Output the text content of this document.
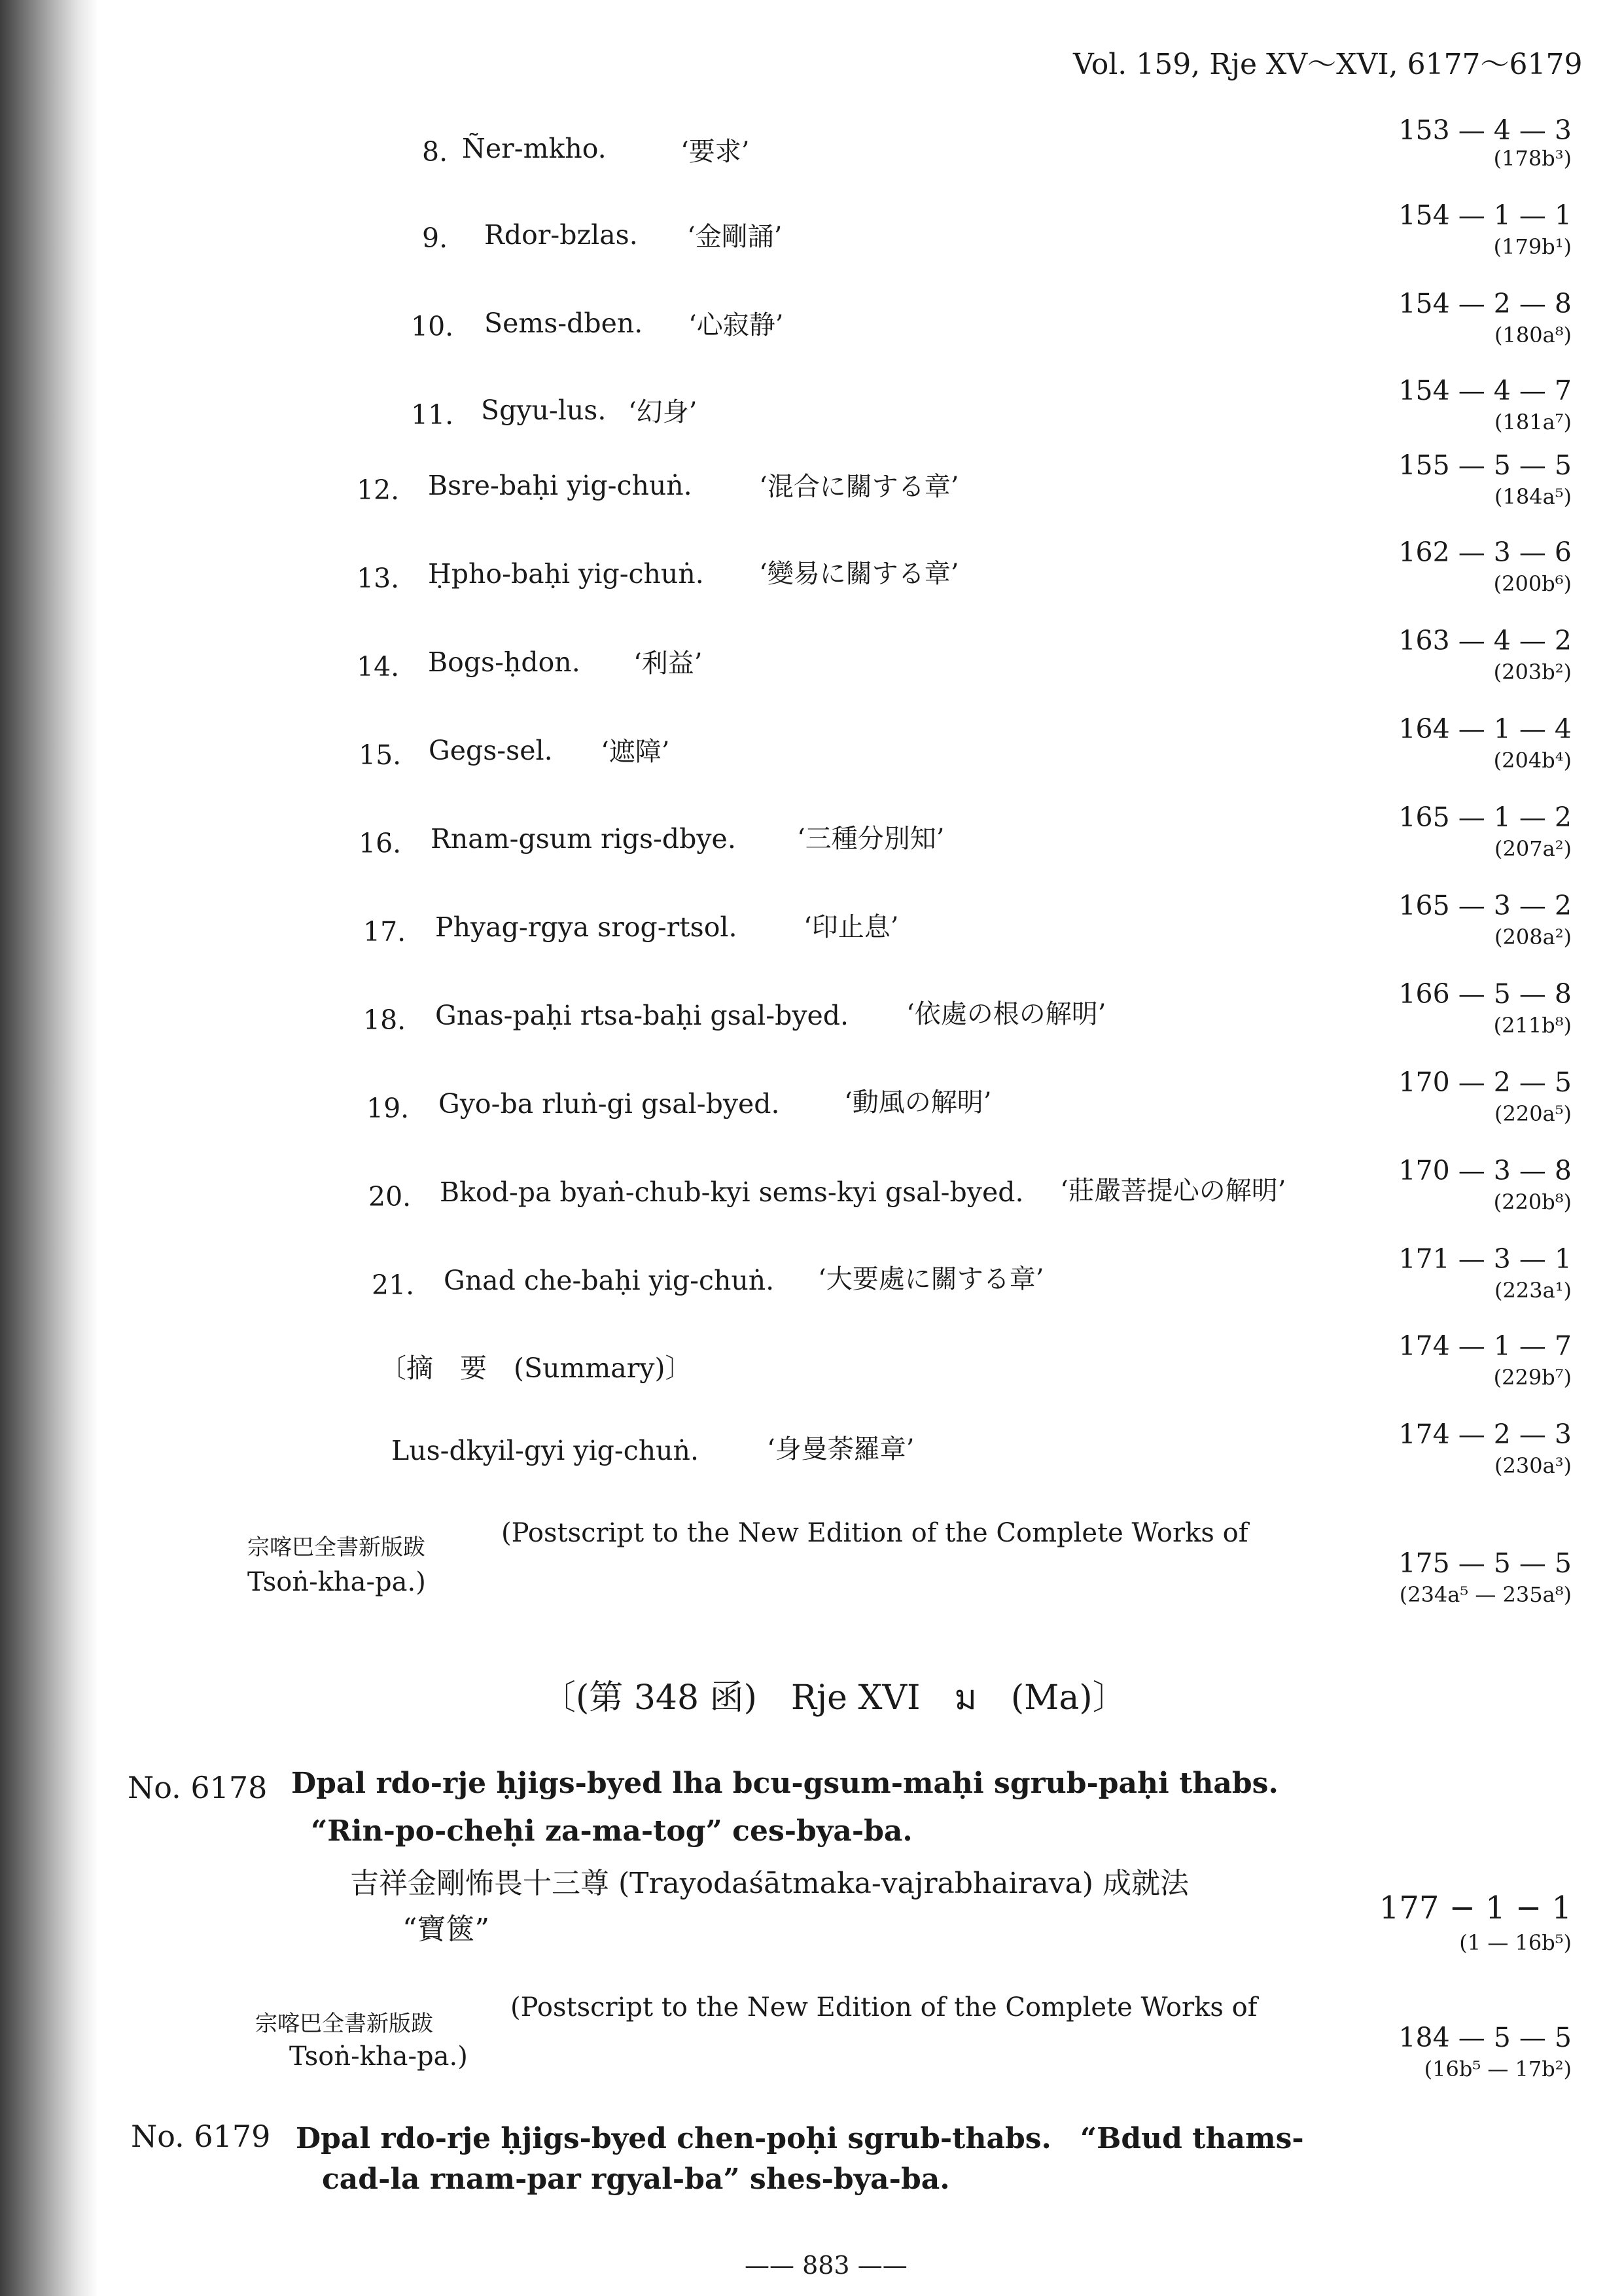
Vol. 159, Rje XV～XVI, 6177～6179
8. Ñer-mkho.	‘要求’
153 — 4 — 3
(178b³)
9. Rdor-bzlas. ‘金剛誦’
154 — 1 — 1
(179b¹)
10. Sems-dben. ‘心寂静’
154 — 2 — 8
(180a⁸)
11. Sgyu-lus. ‘幻身’
154 — 4 — 7
(181a⁷)
12. Bsre-baḥi yig-chuṅ.	‘混合に關する章’
155 — 5 — 5
(184a⁵)
13. Ḥpho-baḥi yig-chuṅ. ‘變易に關する章’
162 — 3 — 6
(200b⁶)
14. Bogs-ḥdon. ‘利益’
163 — 4 — 2
(203b²)
15. Gegs-sel. ‘遮障’
164 — 1 — 4
(204b⁴)
16. Rnam-gsum rigs-dbye. ‘三種分別知’
165 — 1 — 2
(207a²)
17. Phyag-rgya srog-rtsol.	‘印止息’
165 — 3 — 2
(208a²)
18. Gnas-paḥi rtsa-baḥi gsal-byed. ‘依處の根の解明’
166 — 5 — 8
(211b⁸)
19. Gyo-ba rluṅ-gi gsal-byed. ‘動風の解明’
170 — 2 — 5
(220a⁵)
20. Bkod-pa byaṅ-chub-kyi sems-kyi gsal-byed. ‘莊嚴菩提心の解明’
170 — 3 — 8
(220b⁸)
21. Gnad che-baḥi yig-chuṅ. ‘大要處に關する章’
171 — 3 — 1
(223a¹)
〔摘　要　(Summary)〕
174 — 1 — 7
(229b⁷)
Lus-dkyil-gyi yig-chuṅ.	‘身曼荼羅章’	174 — 2 — 3
(230a³)
宗喀巴全書新版跋	(Postscript to the New Edition of the Complete Works of
Tsoṅ-kha-pa.)
175 — 5 — 5
(234a⁵ — 235a⁸)
〔(第 348 函)　Rje XVI　ม　(Ma)〕
No. 6178 Dpal rdo-rje ḥjigs-byed lha bcu-gsum-maḥi sgrub-paḥi thabs.
“Rin-po-cheḥi za-ma-tog” ces-bya-ba.
吉祥金剛怖畏十三尊 (Trayodaśātmaka-vajrabhairava) 成就法
“寶篋”
177 − 1 − 1
(1 — 16b⁵)
宗喀巴全書新版跋
(Postscript to the New Edition of the Complete Works of
Tsoṅ-kha-pa.)
184 — 5 — 5
(16b⁵ — 17b²)
No. 6179 Dpal rdo-rje ḥjigs-byed chen-poḥi sgrub-thabs.　“Bdud thams-
cad-la rnam-par rgyal-ba” shes-bya-ba.
—— 883 ——
